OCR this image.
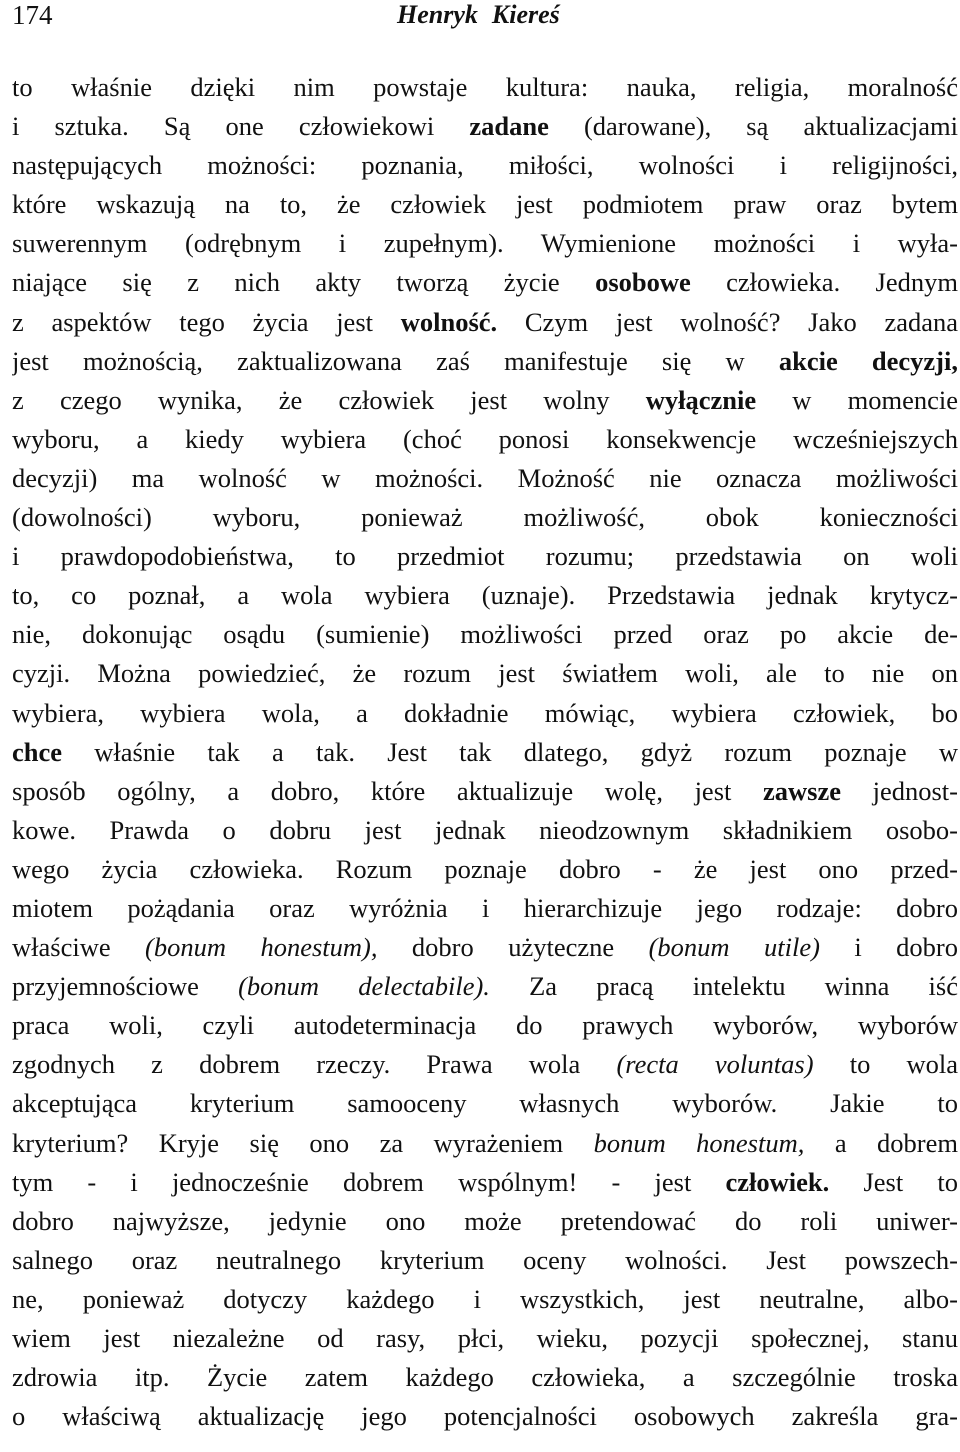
174	Henryk Kiereś
to właśnie dzięki nim powstaje kultura: nauka, religia, moralność
i sztuka. Są one człowiekowi zadane (darowane), są aktualizacjami
następujących możności: poznania, miłości, wolności i religijności,
które wskazują na to, że człowiek jest podmiotem praw oraz bytem
suwerennym (odrębnym i zupełnym). Wymienione możności i wyła-
niające się z nich akty tworzą życie osobowe człowieka. Jednym
z aspektów tego życia jest wolność. Czym jest wolność? Jako zadana
jest możnością, zaktualizowana zaś manifestuje się w akcie decyzji,
z czego wynika, że człowiek jest wolny wyłącznie w momencie
wyboru, a kiedy wybiera (choć ponosi konsekwencje wcześniejszych
decyzji) ma wolność w możności. Możność nie oznacza możliwości
(dowolności) wyboru, ponieważ możliwość, obok konieczności
i prawdopodobieństwa, to przedmiot rozumu; przedstawia on woli
to, co poznał, a wola wybiera (uznaje). Przedstawia jednak krytycz-
nie, dokonując osądu (sumienie) możliwości przed oraz po akcie de-
cyzji. Można powiedzieć, że rozum jest światłem woli, ale to nie on
wybiera, wybiera wola, a dokładnie mówiąc, wybiera człowiek, bo
chce właśnie tak a tak. Jest tak dlatego, gdyż rozum poznaje w
sposób ogólny, a dobro, które aktualizuje wolę, jest zawsze jednost-
kowe. Prawda o dobru jest jednak nieodzownym składnikiem osobo-
wego życia człowieka. Rozum poznaje dobro - że jest ono przed-
miotem pożądania oraz wyróżnia i hierarchizuje jego rodzaje: dobro
właściwe (bonum honestum), dobro użyteczne (bonum utile) i dobro
przyjemnościowe (bonum delectabile). Za pracą intelektu winna iść
praca woli, czyli autodeterminacja do prawych wyborów, wyborów
zgodnych z dobrem rzeczy. Prawa wola (recta voluntas) to wola
akceptująca kryterium samooceny własnych wyborów. Jakie to
kryterium? Kryje się ono za wyrażeniem bonum honestum, a dobrem
tym - i jednocześnie dobrem wspólnym! - jest człowiek. Jest to
dobro najwyższe, jedynie ono może pretendować do roli uniwer-
salnego oraz neutralnego kryterium oceny wolności. Jest powszech-
ne, ponieważ dotyczy każdego i wszystkich, jest neutralne, albo-
wiem jest niezależne od rasy, płci, wieku, pozycji społecznej, stanu
zdrowia itp. Życie zatem każdego człowieka, a szczególnie troska
o właściwą aktualizację jego potencjalności osobowych zakreśla gra-
